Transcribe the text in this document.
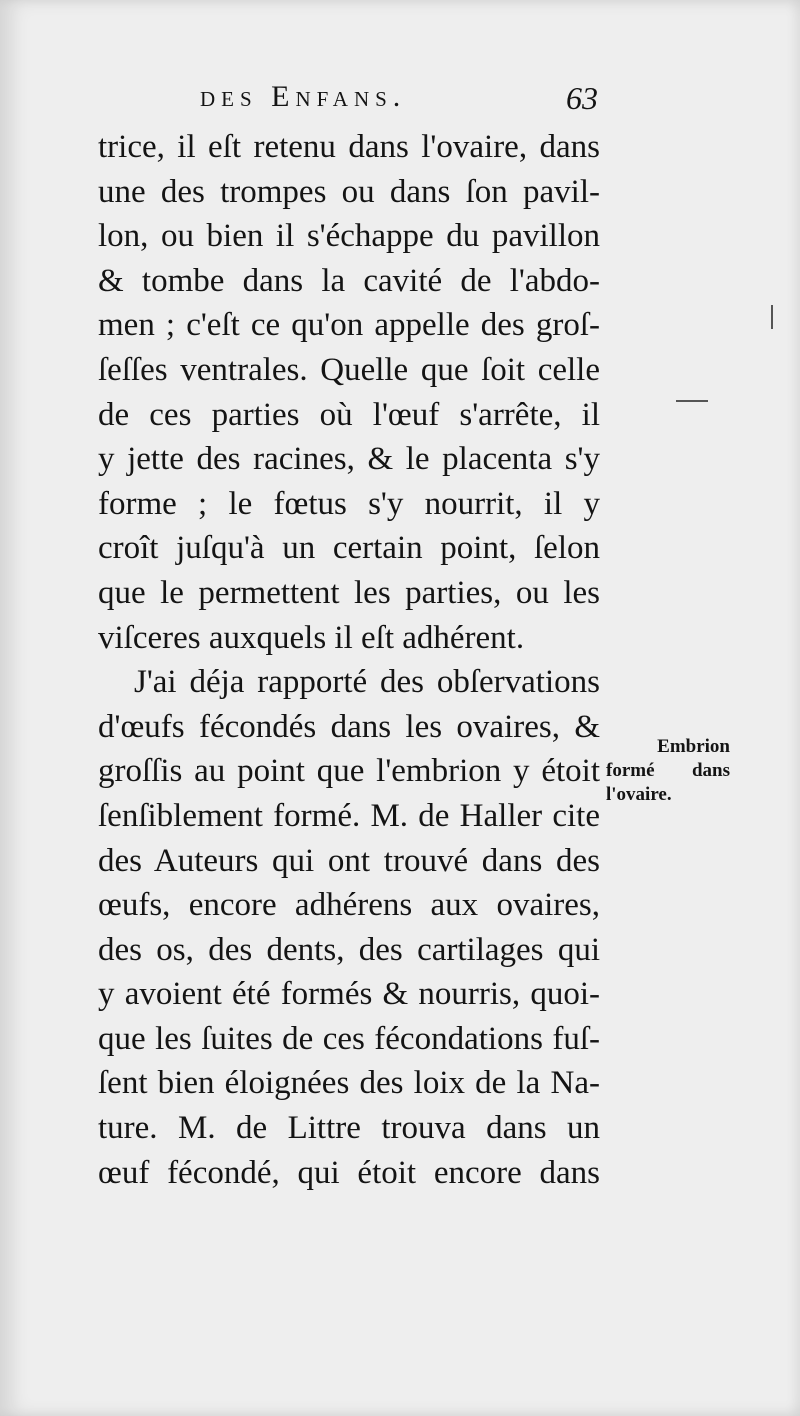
des Enfans.	63
trice, il eſt retenu dans l'ovaire, dans
une des trompes ou dans ſon pavil-
lon, ou bien il s'échappe du pavillon
& tombe dans la cavité de l'abdo-
men ; c'eſt ce qu'on appelle des groſ-
ſeſſes ventrales. Quelle que ſoit celle
de ces parties où l'œuf s'arrête, il
y jette des racines, & le placenta s'y
forme ; le fœtus s'y nourrit, il y
croît juſqu'à un certain point, ſelon
que le permettent les parties, ou les
viſceres auxquels il eſt adhérent.
J'ai déja rapporté des obſervations
d'œufs fécondés dans les ovaires, &
groſſis au point que l'embrion y étoit
ſenſiblement formé. M. de Haller cite
des Auteurs qui ont trouvé dans des
œufs, encore adhérens aux ovaires,
des os, des dents, des cartilages qui
y avoient été formés & nourris, quoi-
que les ſuites de ces fécondations fuſ-
ſent bien éloignées des loix de la Na-
ture. M. de Littre trouva dans un
œuf fécondé, qui étoit encore dans
Embrion
formé dans
l'ovaire.
